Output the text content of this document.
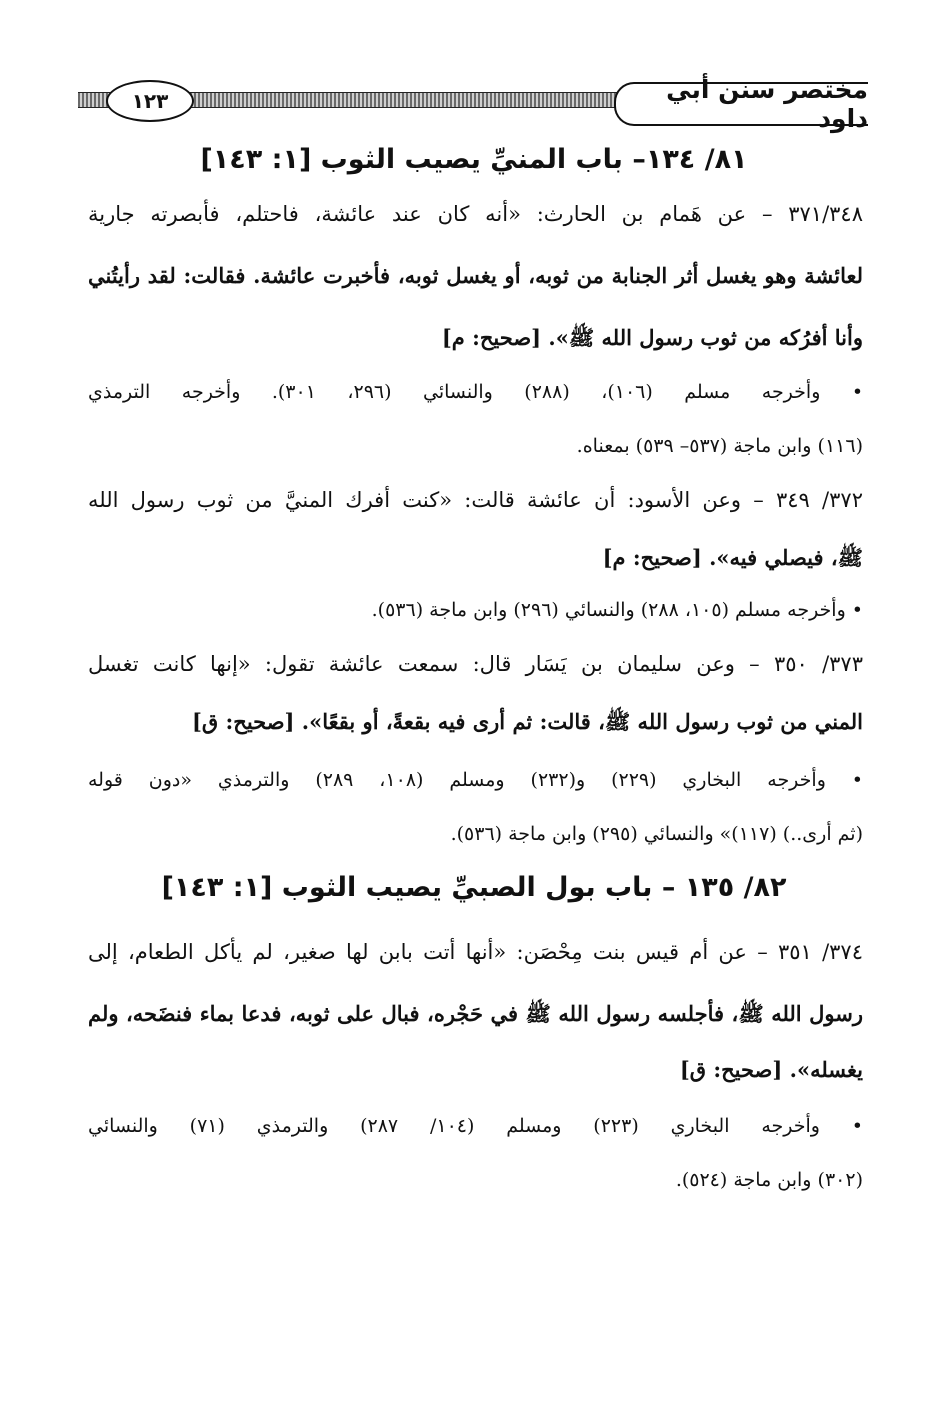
١٢٣	مختصر سنن أبي داود
٨١/ ١٣٤– باب المنيِّ يصيب الثوب [١: ١٤٣]
٣٧١/٣٤٨ – عن هَمام بن الحارث: «أنه كان عند عائشة، فاحتلم، فأبصرته جارية
لعائشة وهو يغسل أثر الجنابة من ثوبه، أو يغسل ثوبه، فأخبرت عائشة. فقالت: لقد رأيتُني
وأنا أفرُكه من ثوب رسول الله ﷺ». [صحيح: م]
• وأخرجه مسلم (١٠٦)، (٢٨٨) والنسائي (٢٩٦، ٣٠١). وأخرجه الترمذي
(١١٦) وابن ماجة (٥٣٧– ٥٣٩) بمعناه.
٣٧٢/ ٣٤٩ – وعن الأسود: أن عائشة قالت: «كنت أفرك المنيَّ من ثوب رسول الله
ﷺ، فيصلي فيه». [صحيح: م]
• وأخرجه مسلم (١٠٥، ٢٨٨) والنسائي (٢٩٦) وابن ماجة (٥٣٦).
٣٧٣/ ٣٥٠ – وعن سليمان بن يَسَار قال: سمعت عائشة تقول: «إنها كانت تغسل
المني من ثوب رسول الله ﷺ، قالت: ثم أرى فيه بقعةً، أو بقعًا». [صحيح: ق]
• وأخرجه البخاري (٢٢٩) و(٢٣٢) ومسلم (١٠٨، ٢٨٩) والترمذي «دون قوله
(ثم أرى..) (١١٧)» والنسائي (٢٩٥) وابن ماجة (٥٣٦).
٨٢/ ١٣٥ – باب بول الصبيِّ يصيب الثوب [١: ١٤٣]
٣٧٤/ ٣٥١ – عن أم قيس بنت مِحْصَن: «أنها أتت بابن لها صغير، لم يأكل الطعام، إلى
رسول الله ﷺ، فأجلسه رسول الله ﷺ في حَجْره، فبال على ثوبه، فدعا بماء فنضَحه، ولم
يغسله». [صحيح: ق]
• وأخرجه البخاري (٢٢٣) ومسلم (١٠٤/ ٢٨٧) والترمذي (٧١) والنسائي
(٣٠٢) وابن ماجة (٥٢٤).
